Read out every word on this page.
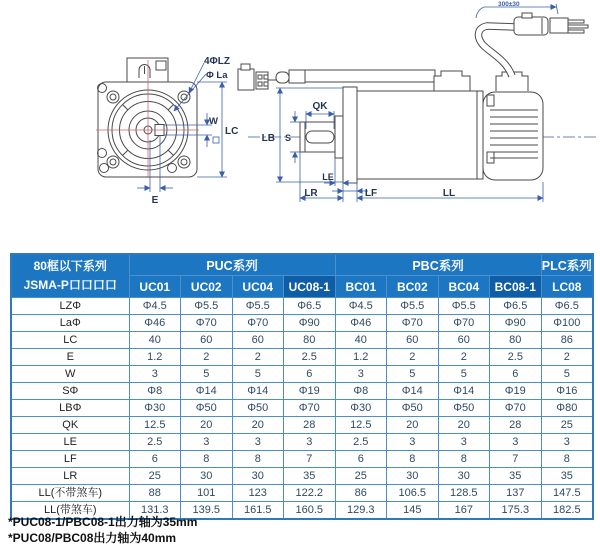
4ΦLZ
Φ La
W
LC
E
300±30
QK
LB S
LE
LR	LF	LL
80框以下系列
JSMA-P口口口口	PUC系列				PBC系列				PLC系列
	UC01	UC02	UC04	UC08-1	BC01	BC02	BC04	BC08-1	LC08
LZΦ	Φ4.5	Φ5.5	Φ5.5	Φ6.5	Φ4.5	Φ5.5	Φ5.5	Φ6.5	Φ6.5
LaΦ	Φ46	Φ70	Φ70	Φ90	Φ46	Φ70	Φ70	Φ90	Φ100
LC	40	60	60	80	40	60	60	80	86
E	1.2	2	2	2.5	1.2	2	2	2.5	2
W	3	5	5	6	3	5	5	6	5
SΦ	Φ8	Φ14	Φ14	Φ19	Φ8	Φ14	Φ14	Φ19	Φ16
LBΦ	Φ30	Φ50	Φ50	Φ70	Φ30	Φ50	Φ50	Φ70	Φ80
QK	12.5	20	20	28	12.5	20	20	28	25
LE	2.5	3	3	3	2.5	3	3	3	3
LF	6	8	8	7	6	8	8	7	8
LR	25	30	30	35	25	30	30	35	35
LL(不带煞车)	88	101	123	122.2	86	106.5	128.5	137	147.5
LL(带煞车)	131.3	139.5	161.5	160.5	129.3	145	167	175.3	182.5
*PUC08-1/PBC08-1出力轴为35mm
*PUC08/PBC08出力轴为40mm
